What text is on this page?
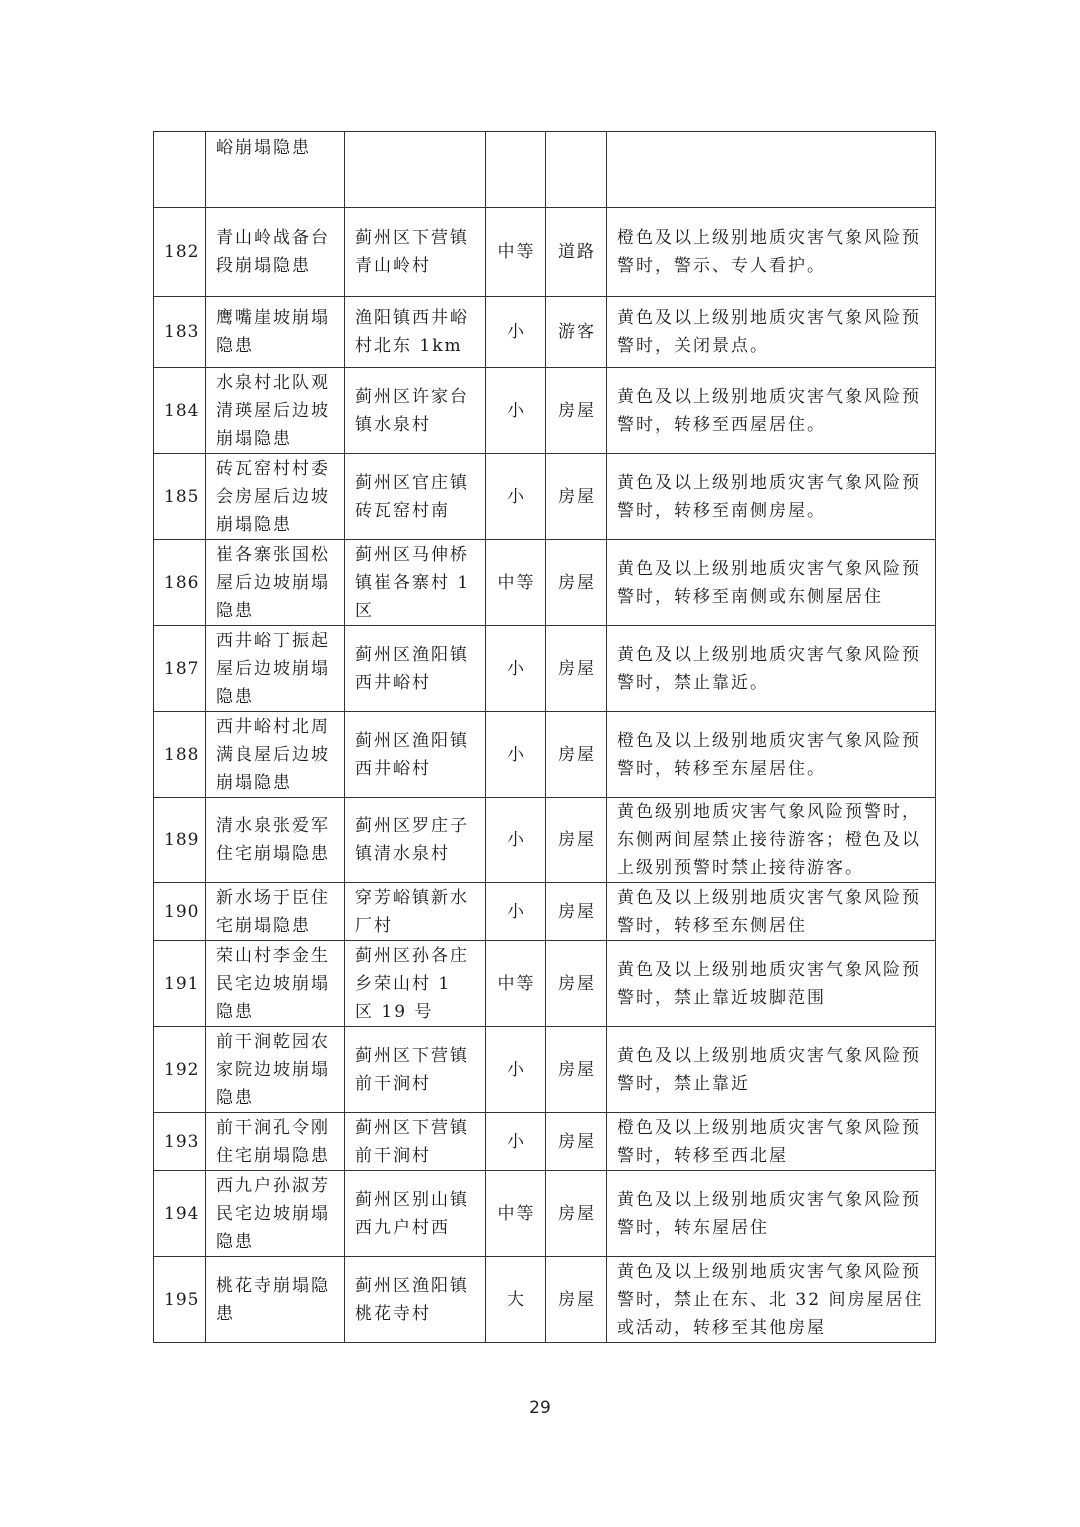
	峪崩塌隐患				
182	青山岭战备台段崩塌隐患	蓟州区下营镇青山岭村	中等	道路	橙色及以上级别地质灾害气象风险预警时，警示、专人看护。
183	鹰嘴崖坡崩塌隐患	渔阳镇西井峪村北东 1km	小	游客	黄色及以上级别地质灾害气象风险预警时，关闭景点。
184	水泉村北队观清瑛屋后边坡崩塌隐患	蓟州区许家台镇水泉村	小	房屋	黄色及以上级别地质灾害气象风险预警时，转移至西屋居住。
185	砖瓦窑村村委会房屋后边坡崩塌隐患	蓟州区官庄镇砖瓦窑村南	小	房屋	黄色及以上级别地质灾害气象风险预警时，转移至南侧房屋。
186	崔各寨张国松屋后边坡崩塌隐患	蓟州区马伸桥镇崔各寨村 1 区	中等	房屋	黄色及以上级别地质灾害气象风险预警时，转移至南侧或东侧屋居住
187	西井峪丁振起屋后边坡崩塌隐患	蓟州区渔阳镇西井峪村	小	房屋	黄色及以上级别地质灾害气象风险预警时，禁止靠近。
188	西井峪村北周满良屋后边坡崩塌隐患	蓟州区渔阳镇西井峪村	小	房屋	橙色及以上级别地质灾害气象风险预警时，转移至东屋居住。
189	清水泉张爱军住宅崩塌隐患	蓟州区罗庄子镇清水泉村	小	房屋	黄色级别地质灾害气象风险预警时，东侧两间屋禁止接待游客；橙色及以上级别预警时禁止接待游客。
190	新水场于臣住宅崩塌隐患	穿芳峪镇新水厂村	小	房屋	黄色及以上级别地质灾害气象风险预警时，转移至东侧居住
191	荣山村李金生民宅边坡崩塌隐患	蓟州区孙各庄乡荣山村 1 区 19 号	中等	房屋	黄色及以上级别地质灾害气象风险预警时，禁止靠近坡脚范围
192	前干涧乾园农家院边坡崩塌隐患	蓟州区下营镇前干涧村	小	房屋	黄色及以上级别地质灾害气象风险预警时，禁止靠近
193	前干涧孔令刚住宅崩塌隐患	蓟州区下营镇前干涧村	小	房屋	橙色及以上级别地质灾害气象风险预警时，转移至西北屋
194	西九户孙淑芳民宅边坡崩塌隐患	蓟州区别山镇西九户村西	中等	房屋	黄色及以上级别地质灾害气象风险预警时，转东屋居住
195	桃花寺崩塌隐患	蓟州区渔阳镇桃花寺村	大	房屋	黄色及以上级别地质灾害气象风险预警时，禁止在东、北 32 间房屋居住或活动，转移至其他房屋
29
